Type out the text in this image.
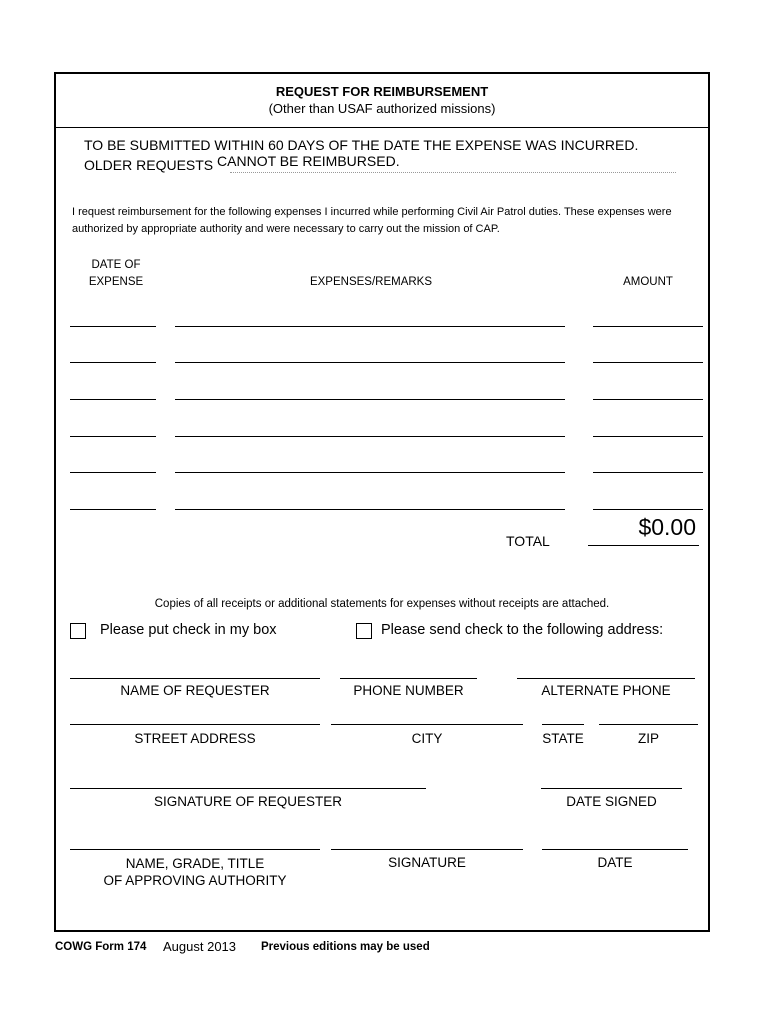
REQUEST FOR REIMBURSEMENT
(Other than USAF authorized missions)
TO BE SUBMITTED WITHIN 60 DAYS OF THE DATE THE EXPENSE WAS INCURRED.
OLDER REQUESTS CANNOT BE REIMBURSED.
I request reimbursement for the following expenses I incurred while performing Civil Air Patrol duties. These expenses were authorized by appropriate authority and were necessary to carry out the mission of CAP.
DATE OF
EXPENSE	EXPENSES/REMARKS	AMOUNT
TOTAL
$0.00
Copies of all receipts or additional statements for expenses without receipts are attached.
Please put check in my box	Please send check to the following address:
NAME OF REQUESTER	PHONE NUMBER	ALTERNATE PHONE
STREET ADDRESS	CITY	STATE	ZIP
SIGNATURE OF REQUESTER	DATE SIGNED
NAME, GRADE, TITLE
OF APPROVING AUTHORITY
SIGNATURE	DATE
COWG Form 174 August 2013 Previous editions may be used
